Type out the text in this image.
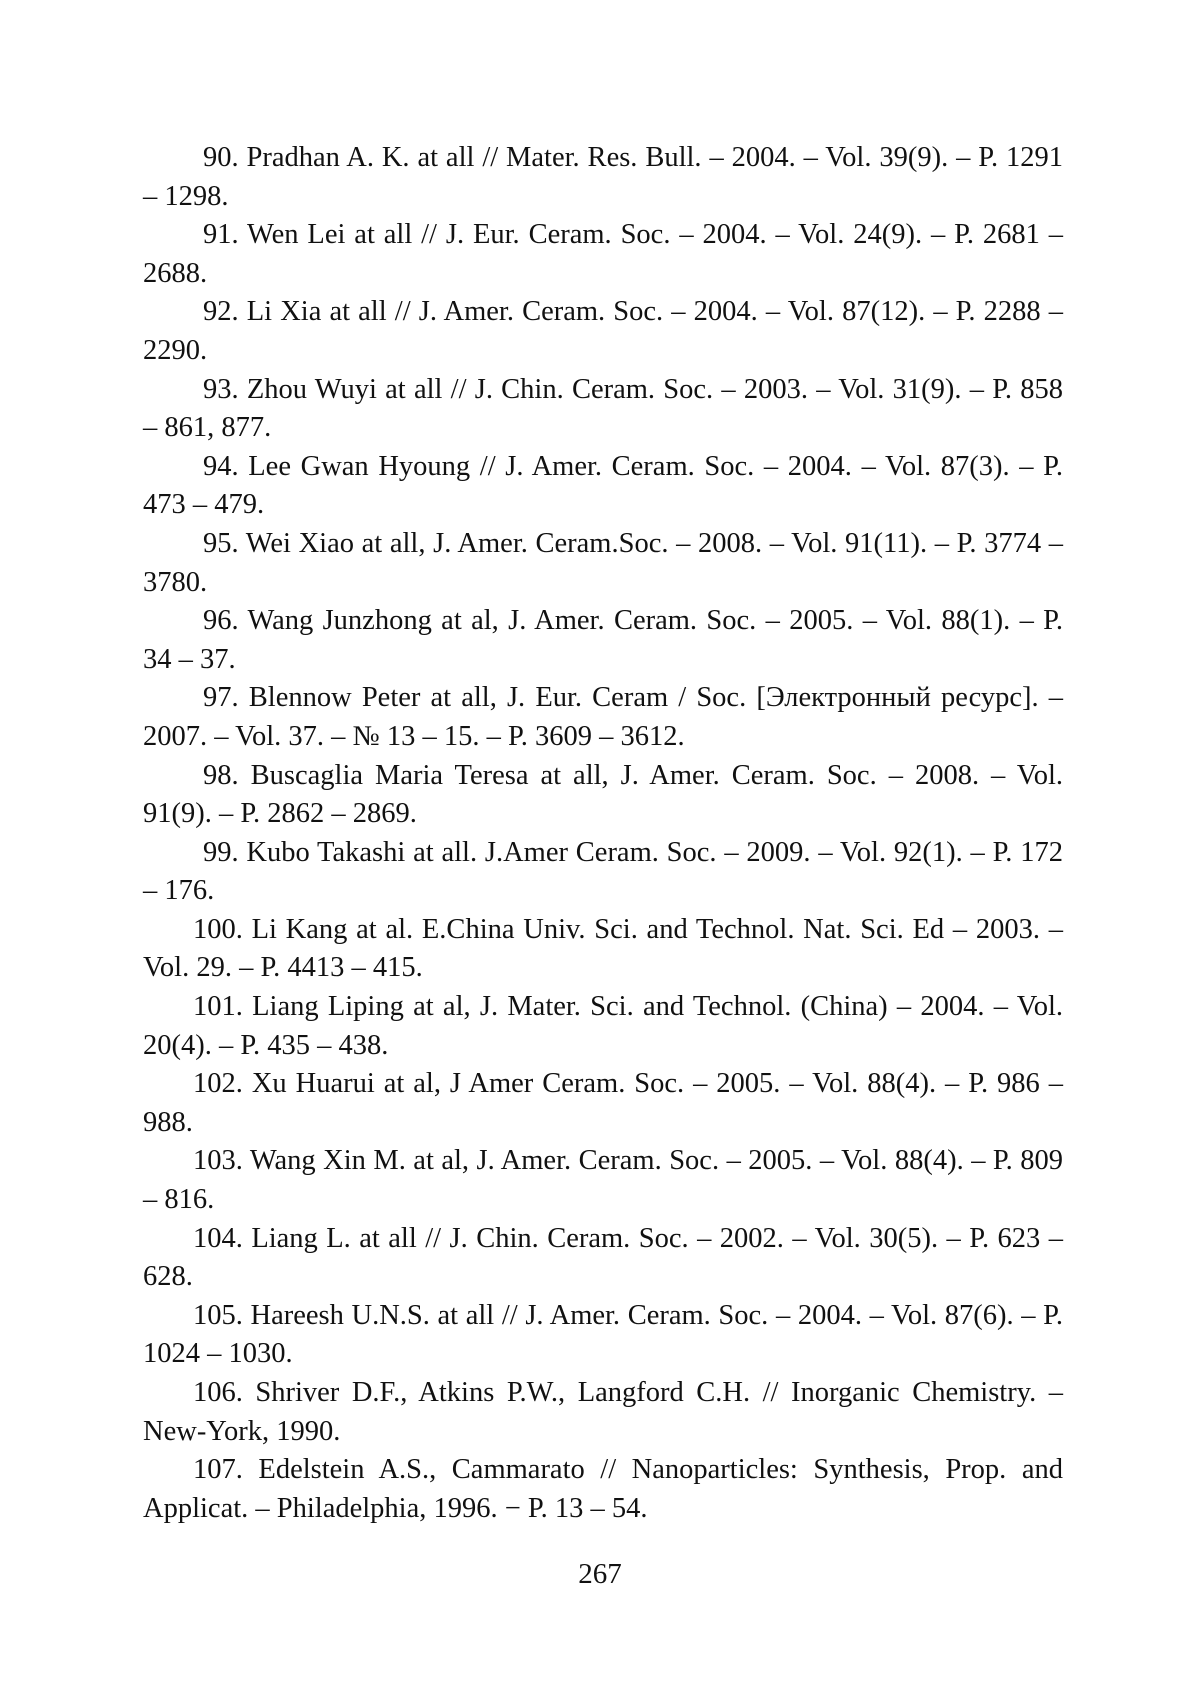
90. Pradhan A. K. at all // Mater. Res. Bull. – 2004. – Vol. 39(9). – P. 1291 – 1298.

91. Wen Lei at all // J. Eur. Ceram. Soc. – 2004. – Vol. 24(9). – P. 2681 – 2688.

92. Li Xia at all // J. Amer. Ceram. Soc. – 2004. – Vol. 87(12). – P. 2288 – 2290.

93. Zhou Wuyi at all // J. Chin. Ceram. Soc. – 2003. – Vol. 31(9). – P. 858 – 861, 877.

94. Lee Gwan Hyoung // J. Amer. Ceram. Soc. – 2004. – Vol. 87(3). – P. 473 – 479.

95. Wei Xiao at all, J. Amer. Ceram.Soc. – 2008. – Vol. 91(11). – P. 3774 – 3780.

96. Wang Junzhong at al, J. Amer. Ceram. Soc. – 2005. – Vol. 88(1). – P. 34 – 37.

97. Blennow Peter at all, J. Eur. Ceram / Soc. [Электронный ресурс]. – 2007. – Vol. 37. – № 13 – 15. – P. 3609 – 3612.

98. Buscaglia Maria Teresa at all, J. Amer. Ceram. Soc. – 2008. – Vol. 91(9). – P. 2862 – 2869.

99. Kubo Takashi at all. J.Amer Ceram. Soc. – 2009. – Vol. 92(1). – P. 172 – 176.

100. Li Kang at al. E.China Univ. Sci. and Technol. Nat. Sci. Ed – 2003. – Vol. 29. – P. 4413 – 415.

101. Liang Liping at al, J. Mater. Sci. and Technol. (China) – 2004. – Vol. 20(4). – P. 435 – 438.

102. Xu Huarui at al, J Amer Ceram. Soc. – 2005. – Vol. 88(4). – P. 986 – 988.

103. Wang Xin M. at al, J. Amer. Ceram. Soc. – 2005. – Vol. 88(4). – P. 809 – 816.

104. Liang L. at all // J. Chin. Ceram. Soc. – 2002. – Vol. 30(5). – P. 623 – 628.

105. Hareesh U.N.S. at all // J. Amer. Ceram. Soc. – 2004. – Vol. 87(6). – P. 1024 – 1030.

106. Shriver D.F., Atkins P.W., Langford C.H. // Inorganic Chemistry. – New-York, 1990.

107. Edelstein A.S., Cammarato // Nanoparticles: Synthesis, Prop. and Applicat. – Philadelphia, 1996. − P. 13 – 54.

267
